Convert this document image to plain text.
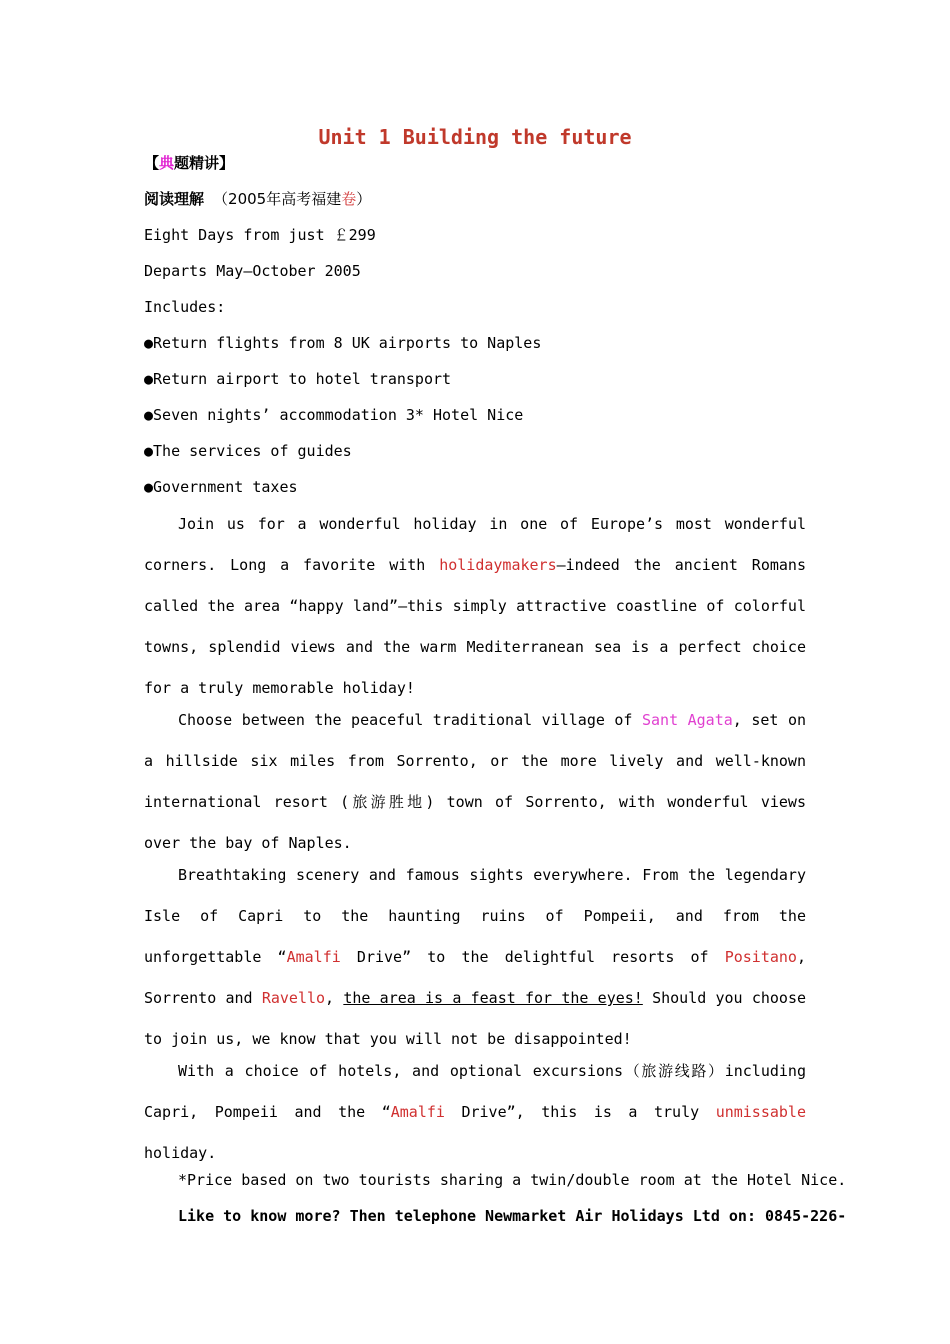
Unit 1 Building the future

【典题精讲】

阅读理解 （2005年高考福建卷）

Eight Days from just ￡299

Departs May—October 2005

Includes:

●Return flights from 8 UK airports to Naples

●Return airport to hotel transport

●Seven nights’ accommodation 3* Hotel Nice

●The services of guides

●Government taxes

Join us for a wonderful holiday in one of Europe’s most wonderful corners. Long a favorite with holidaymakers—indeed the ancient Romans called the area “happy land”—this simply attractive coastline of colorful towns, splendid views and the warm Mediterranean sea is a perfect choice for a truly memorable holiday!

Choose between the peaceful traditional village of Sant Agata, set on a hillside six miles from Sorrento, or the more lively and well-known international resort (旅游胜地) town of Sorrento, with wonderful views over the bay of Naples.

Breathtaking scenery and famous sights everywhere. From the legendary Isle of Capri to the haunting ruins of Pompeii, and from the unforgettable “Amalfi Drive” to the delightful resorts of Positano, Sorrento and Ravello, the area is a feast for the eyes! Should you choose to join us, we know that you will not be disappointed!

With a choice of hotels, and optional excursions（旅游线路）including Capri, Pompeii and the “Amalfi Drive”, this is a truly unmissable holiday.

*Price based on two tourists sharing a twin/double room at the Hotel Nice.

Like to know more? Then telephone Newmarket Air Holidays Ltd on: 0845-226-
